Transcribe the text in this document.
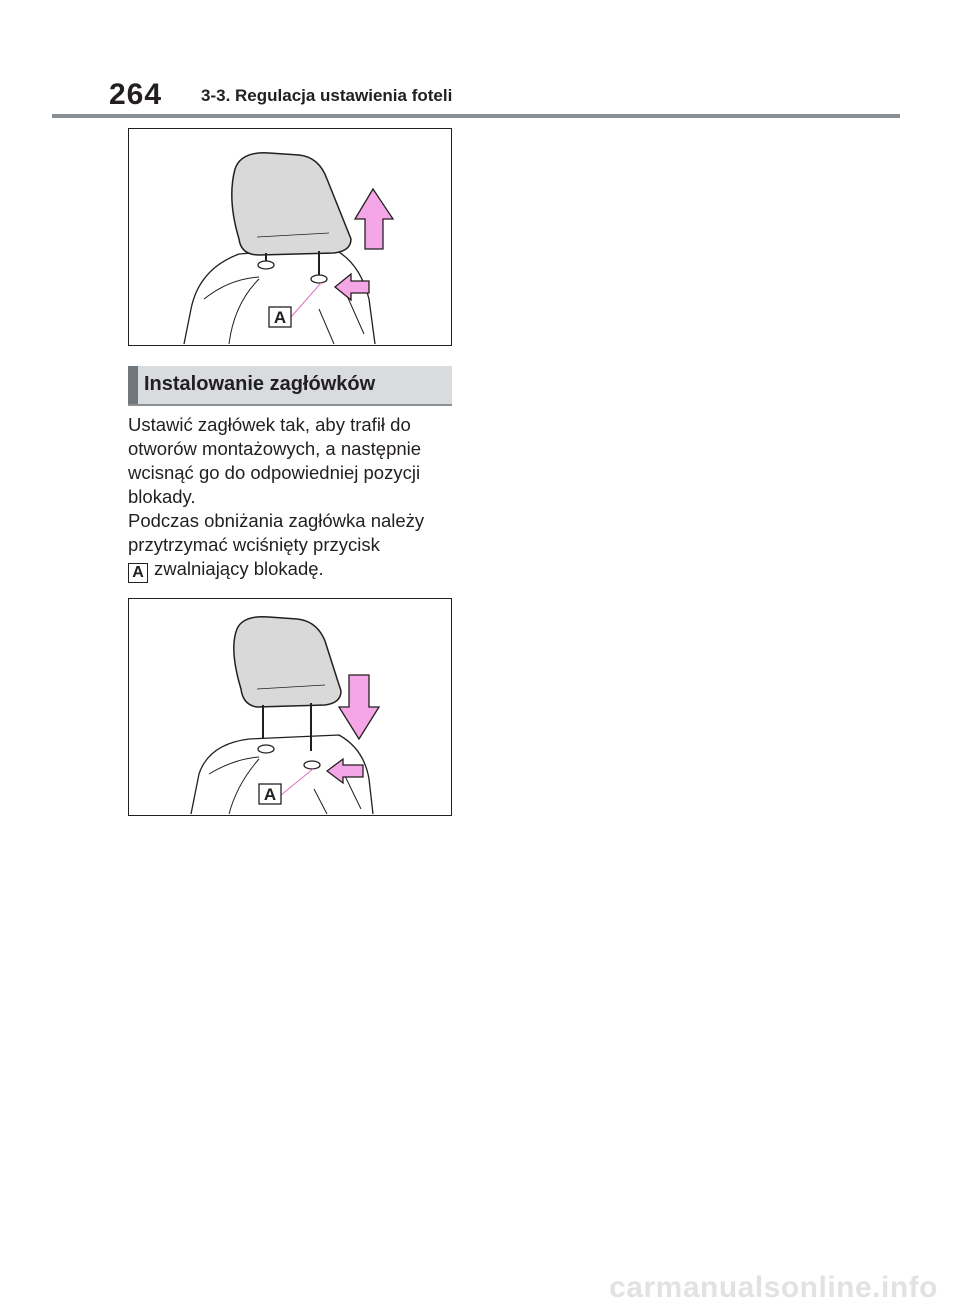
264 3-3. Regulacja ustawienia foteli
A
Instalowanie zagłówków

Ustawić zagłówek tak, aby trafił do otworów montażowych, a następnie wcisnąć go do odpowiedniej pozycji blokady.

Podczas obniżania zagłówka należy przytrzymać wciśnięty przycisk
A zwalniający blokadę.

A
carmanualsonline.info
